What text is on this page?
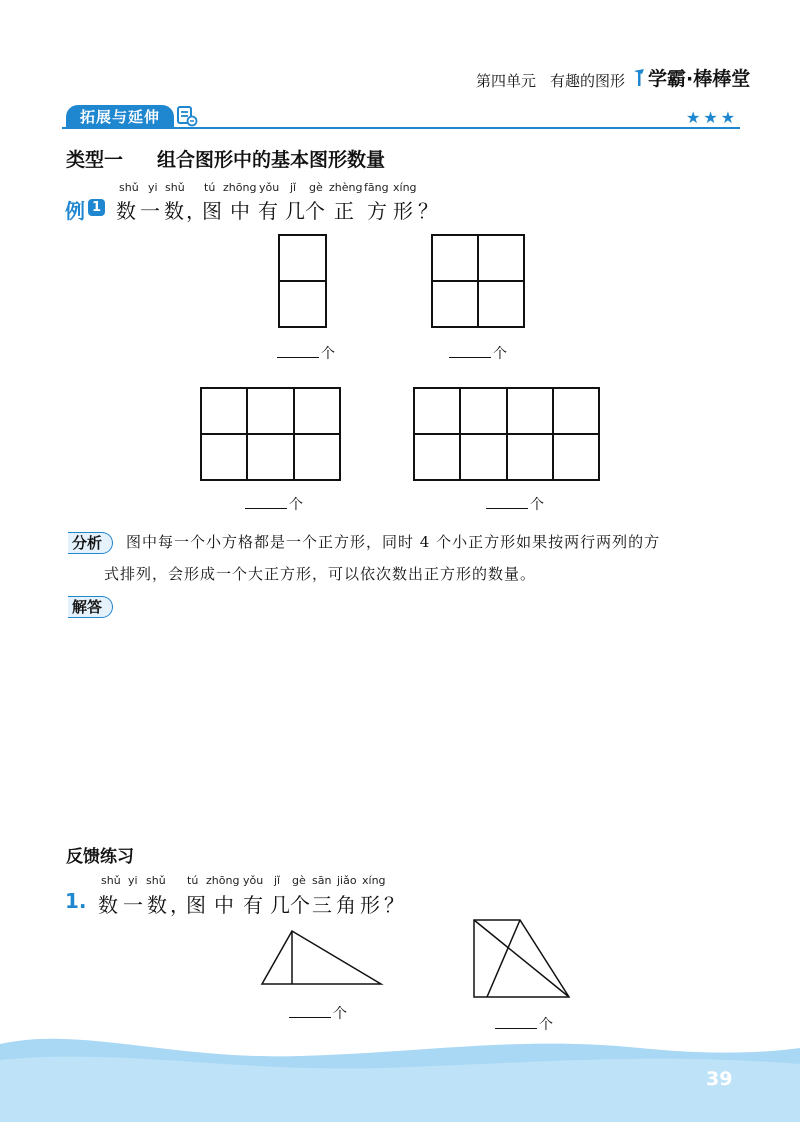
第四单元 有趣的图形	学霸·棒棒堂
拓展与延伸	★★★
类型一 组合图形中的基本图形数量
shǔ yi shǔ tú zhōng yǒu jǐ gè zhèng fāng xíng
例 1 数 一 数 ，
图 中 有 几 个 正 方 形 ？
个	个
个	个
分析	图中每一个小方格都是一个正方形，同时 4 个小正方形如果按两行两列的方
式排列，会形成一个大正方形，可以依次数出正方形的数量。
解答
反馈练习
shǔ yi shǔ tú zhōng yǒu jǐ gè sān jiǎo xíng
1. 数 一 数 ，
图 中 有 几 个 三 角 形 ？
个
个
39
